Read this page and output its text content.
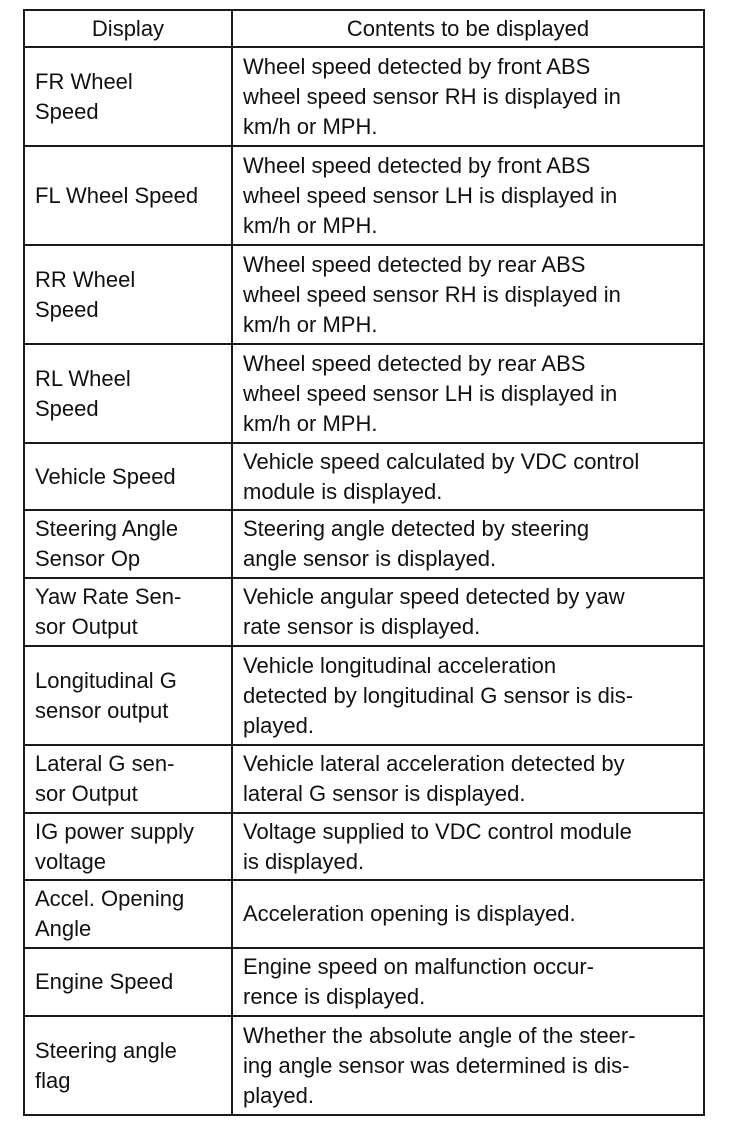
Display	Contents to be displayed
FR Wheel
Speed	Wheel speed detected by front ABS
wheel speed sensor RH is displayed in
km/h or MPH.
FL Wheel Speed	Wheel speed detected by front ABS
wheel speed sensor LH is displayed in
km/h or MPH.
RR Wheel
Speed	Wheel speed detected by rear ABS
wheel speed sensor RH is displayed in
km/h or MPH.
RL Wheel
Speed	Wheel speed detected by rear ABS
wheel speed sensor LH is displayed in
km/h or MPH.
Vehicle Speed	Vehicle speed calculated by VDC control
module is displayed.
Steering Angle
Sensor Op	Steering angle detected by steering
angle sensor is displayed.
Yaw Rate Sen-
sor Output	Vehicle angular speed detected by yaw
rate sensor is displayed.
Longitudinal G
sensor output	Vehicle longitudinal acceleration
detected by longitudinal G sensor is dis-
played.
Lateral G sen-
sor Output	Vehicle lateral acceleration detected by
lateral G sensor is displayed.
IG power supply
voltage	Voltage supplied to VDC control module
is displayed.
Accel. Opening
Angle	Acceleration opening is displayed.
Engine Speed	Engine speed on malfunction occur-
rence is displayed.
Steering angle
flag	Whether the absolute angle of the steer-
ing angle sensor was determined is dis-
played.
